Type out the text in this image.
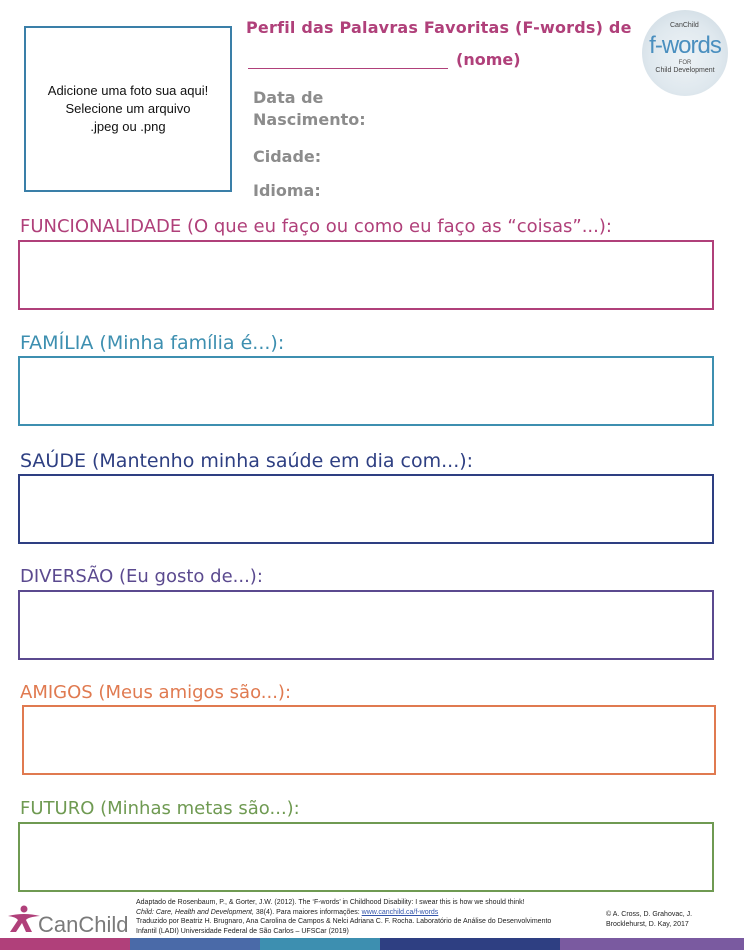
Adicione uma foto sua aqui!
Selecione um arquivo
.jpeg ou .png
Perfil das Palavras Favoritas (F-words) de
(nome)
CanChild
f-words
FOR
Child Development
Data de Nascimento:
Cidade:
Idioma:
FUNCIONALIDADE (O que eu faço ou como eu faço as “coisas”...):
FAMÍLIA (Minha família é...):
SAÚDE (Mantenho minha saúde em dia com...):
DIVERSÃO (Eu gosto de...):
AMIGOS (Meus amigos são...):
FUTURO (Minhas metas são...):
CanChild
Adaptado de Rosenbaum, P., & Gorter, J.W. (2012). The ‘F-words’ in Childhood Disability: I swear this is how we should think!
Child: Care, Health and Development, 38(4). Para maiores informações: www.canchild.ca/f-words
Traduzido por Beatriz H. Brugnaro, Ana Carolina de Campos & Nelci Adriana C. F. Rocha. Laboratório de Análise do Desenvolvimento
Infantil (LADI) Universidade Federal de São Carlos – UFSCar (2019)
© A. Cross, D. Grahovac, J.
Brocklehurst, D. Kay, 2017
